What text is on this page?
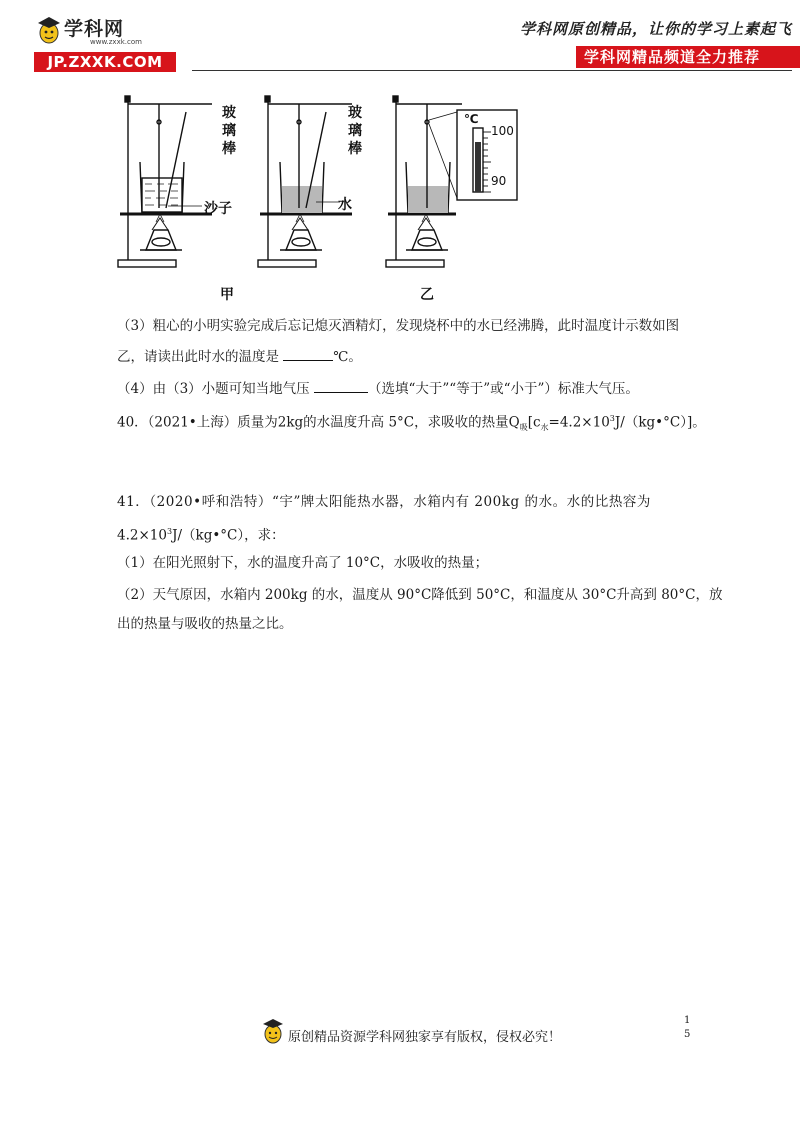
学科网
www.zxxk.com
JP.ZXXK.COM
学科网原创精品，让你的学习上素起飞
学科网精品频道全力推荐
玻璃棒
玻璃棒
沙子	水
℃
100
90
甲	乙
（3）粗心的小明实验完成后忘记熄灭酒精灯，发现烧杯中的水已经沸腾，此时温度计示数如图
乙，请读出此时水的温度是	℃。
（4）由（3）小题可知当地气压	（选填“大于”“等于”或“小于”）标准大气压。
40．（2021•上海）质量为2kg的水温度升高 5°C，求吸收的热量$Q_吸[c_水=4.2\times 10^3J/(kg•^\circ C)]$。
41．（2020•呼和浩特）“宇”牌太阳能热水器，水箱内有 200kg 的水。水的比热容为
$4.2\times 10^3J/(kg•^\circ C)$，求：
（1）在阳光照射下，水的温度升高了 10°C，水吸收的热量；
（2）天气原因，水箱内 200kg 的水，温度从 90°C降低到 50°C，和温度从 30°C升高到 80°C，放
出的热量与吸收的热量之比。
原创精品资源学科网独家享有版权，侵权必究！
1
5
